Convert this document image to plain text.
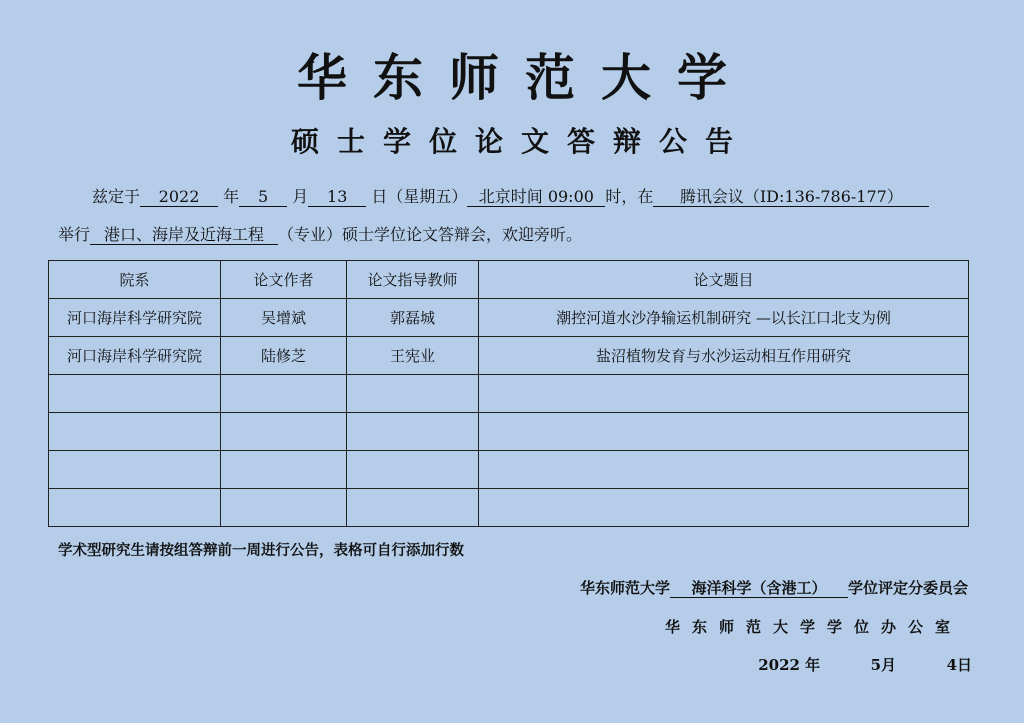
华东师范大学
硕士学位论文答辩公告
兹定于 2022 年 5 月 13 日（星期五） 北京时间 09:00 时，在 腾讯会议（ID:136-786-177）
举行 港口、海岸及近海工程 （专业）硕士学位论文答辩会，欢迎旁听。
院系	论文作者	论文指导教师	论文题目
河口海岸科学研究院	吴增斌	郭磊城	潮控河道水沙净输运机制研究 —以长江口北支为例
河口海岸科学研究院	陆修芝	王宪业	盐沼植物发育与水沙运动相互作用研究

学术型研究生请按组答辩前一周进行公告，表格可自行添加行数
华东师范大学 海洋科学（含港工） 学位评定分委员会
华东师范大学学位办公室
2022 年	5月	4日
